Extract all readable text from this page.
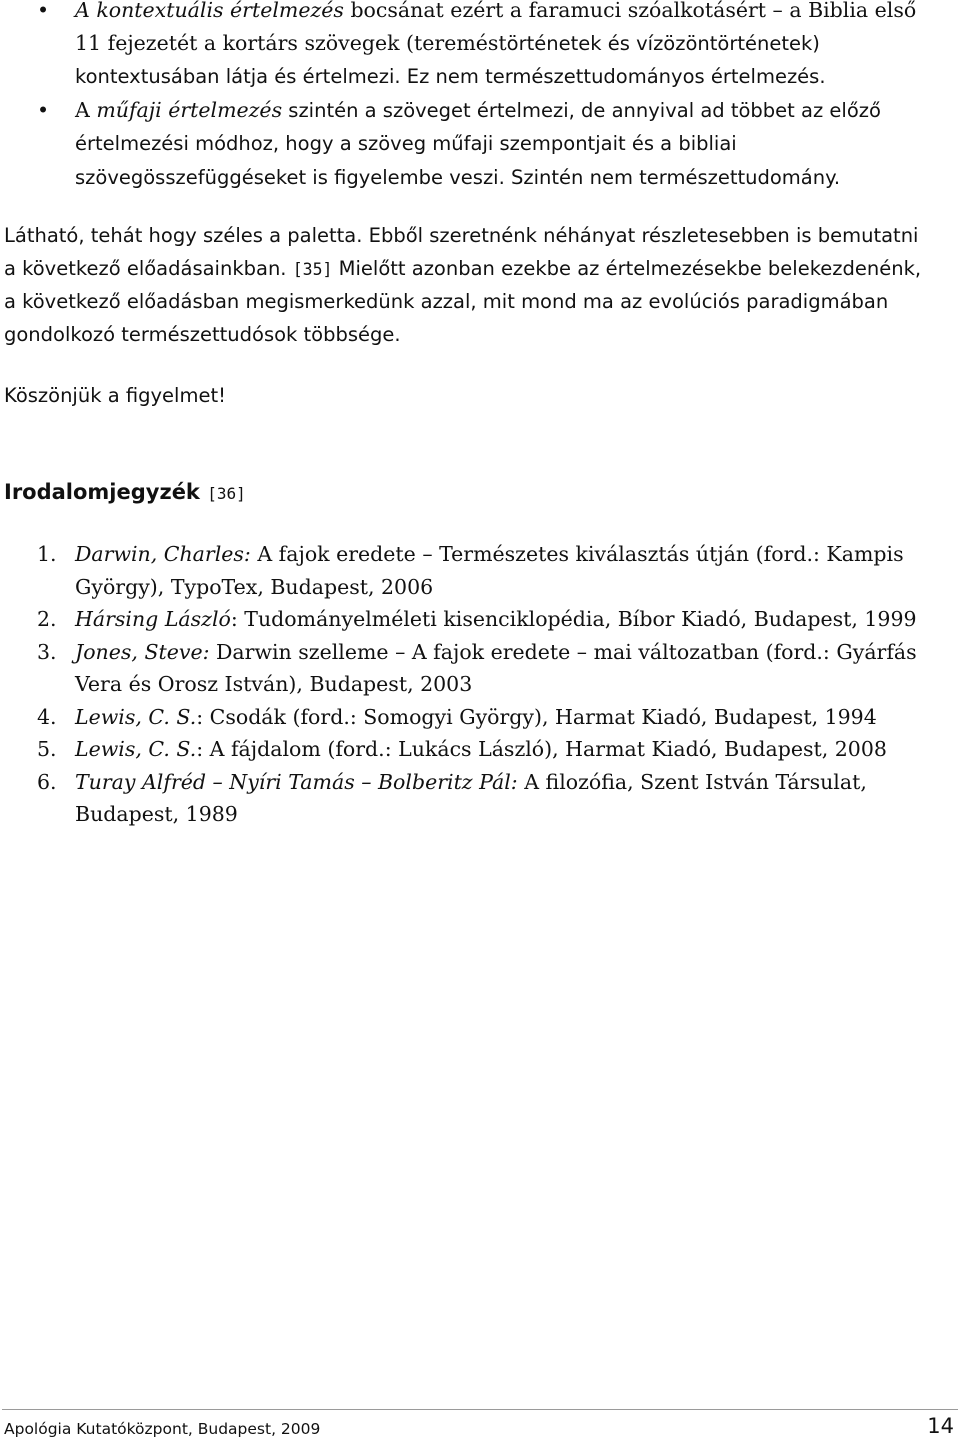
• A kontextuális értelmezés bocsánat ezért a faramuci szóalkotásért – a Biblia első 11 fejezetét a kortárs szövegek (tereméstörténetek és vízözöntörténetek) kontextusában látja és értelmezi. Ez nem természettudományos értelmezés.
• A műfaji értelmezés szintén a szöveget értelmezi, de annyival ad többet az előző értelmezési módhoz, hogy a szöveg műfaji szempontjait és a bibliai szövegösszefüggéseket is figyelembe veszi. Szintén nem természettudomány.

Látható, tehát hogy széles a paletta. Ebből szeretnénk néhányat részletesebben is bemutatni a következő előadásainkban. [35] Mielőtt azonban ezekbe az értelmezésekbe belekezdenénk, a következő előadásban megismerkedünk azzal, mit mond ma az evolúciós paradigmában gondolkozó természettudósok többsége.

Köszönjük a figyelmet!

Irodalomjegyzék [36]
1. Darwin, Charles: A fajok eredete – Természetes kiválasztás útján (ford.: Kampis György), TypoTex, Budapest, 2006
2. Hársing László: Tudományelméleti kisenciklopédia, Bíbor Kiadó, Budapest, 1999
3. Jones, Steve: Darwin szelleme – A fajok eredete – mai változatban (ford.: Gyárfás Vera és Orosz István), Budapest, 2003
4. Lewis, C. S.: Csodák (ford.: Somogyi György), Harmat Kiadó, Budapest, 1994
5. Lewis, C. S.: A fájdalom (ford.: Lukács László), Harmat Kiadó, Budapest, 2008
6. Turay Alfréd – Nyíri Tamás – Bolberitz Pál: A filozófia, Szent István Társulat, Budapest, 1989
Apológia Kutatóközpont, Budapest, 2009	14
